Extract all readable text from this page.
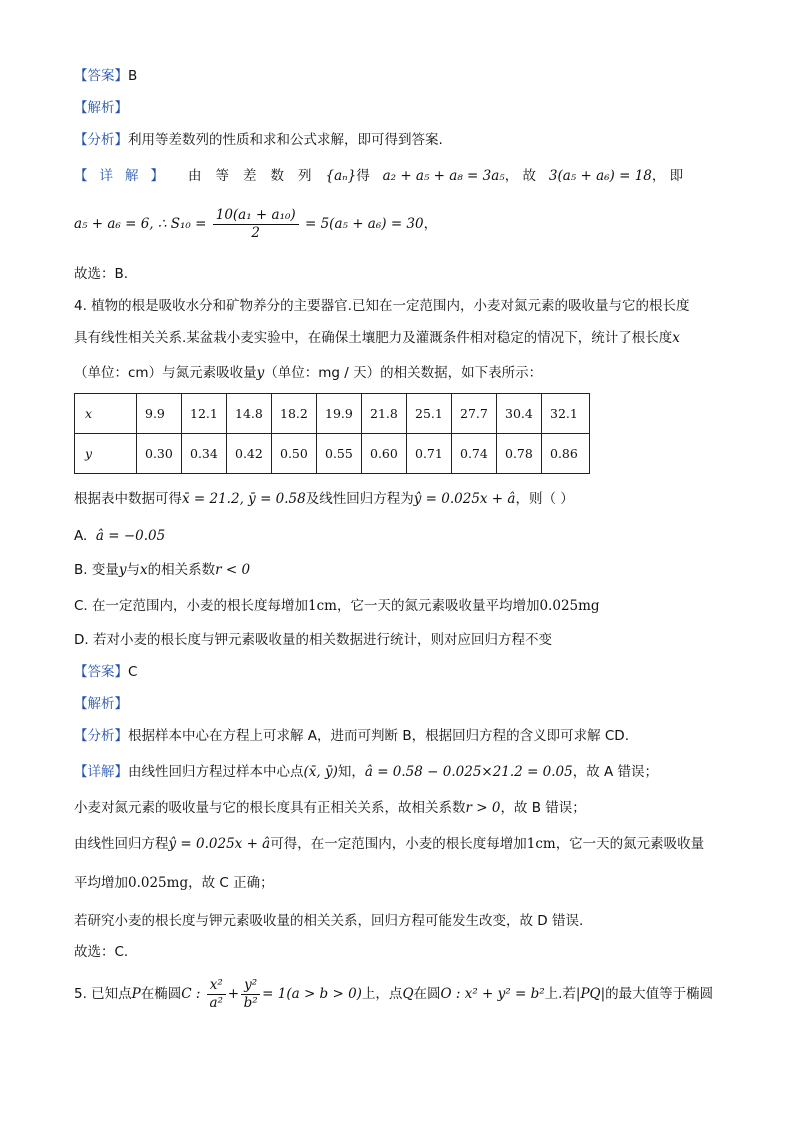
【答案】B
【解析】
【分析】利用等差数列的性质和求和公式求解，即可得到答案.
【 详 解 】 由 等 差 数 列 {aₙ}得 a₂ + a₅ + a₈ = 3a₅， 故 3(a₅ + a₆) = 18， 即
a₅ + a₆ = 6, ∴ $S_{10} = \frac{\text{10(a₁ + a₁₀)}}{2} = 5(a_5 + a_6) = 30$，
故选：B.
4. 植物的根是吸收水分和矿物养分的主要器官.已知在一定范围内，小麦对氮元素的吸收量与它的根长度
具有线性相关关系.某盆栽小麦实验中，在确保土壤肥力及灌溉条件相对稳定的情况下，统计了根长度x
（单位：cm）与氮元素吸收量y（单位：mg / 天）的相关数据，如下表所示：
x	9.9	12.1	14.8	18.2	19.9	21.8	25.1	27.7	30.4	32.1
y	0.30	0.34	0.42	0.50	0.55	0.60	0.71	0.74	0.78	0.86
根据表中数据可得x̄ = 21.2, ȳ = 0.58及线性回归方程为ŷ = 0.025x + â，则（ ）
A. â = −0.05
B. 变量y与x的相关系数r < 0
C. 在一定范围内，小麦的根长度每增加1cm，它一天的氮元素吸收量平均增加0.025mg
D. 若对小麦的根长度与钾元素吸收量的相关数据进行统计，则对应回归方程不变
【答案】C
【解析】
【分析】根据样本中心在方程上可求解 A，进而可判断 B，根据回归方程的含义即可求解 CD.
【详解】由线性回归方程过样本中心点(x̄, ȳ)知，â = 0.58 − 0.025×21.2 = 0.05，故 A 错误；
小麦对氮元素的吸收量与它的根长度具有正相关关系，故相关系数r > 0，故 B 错误；
由线性回归方程ŷ = 0.025x + â可得，在一定范围内，小麦的根长度每增加1cm，它一天的氮元素吸收量
平均增加0.025mg，故 C 正确；
若研究小麦的根长度与钾元素吸收量的相关关系，回归方程可能发生改变，故 D 错误.
故选：C.
5. 已知点P在椭圆C : $\frac{\text{x²}}{\text{a²}} + \frac{\text{y²}}{\text{b²}} = 1(a > b > 0)$上，点Q在圆O : x² + y² = b²上.若|PQ|的最大值等于椭圆
